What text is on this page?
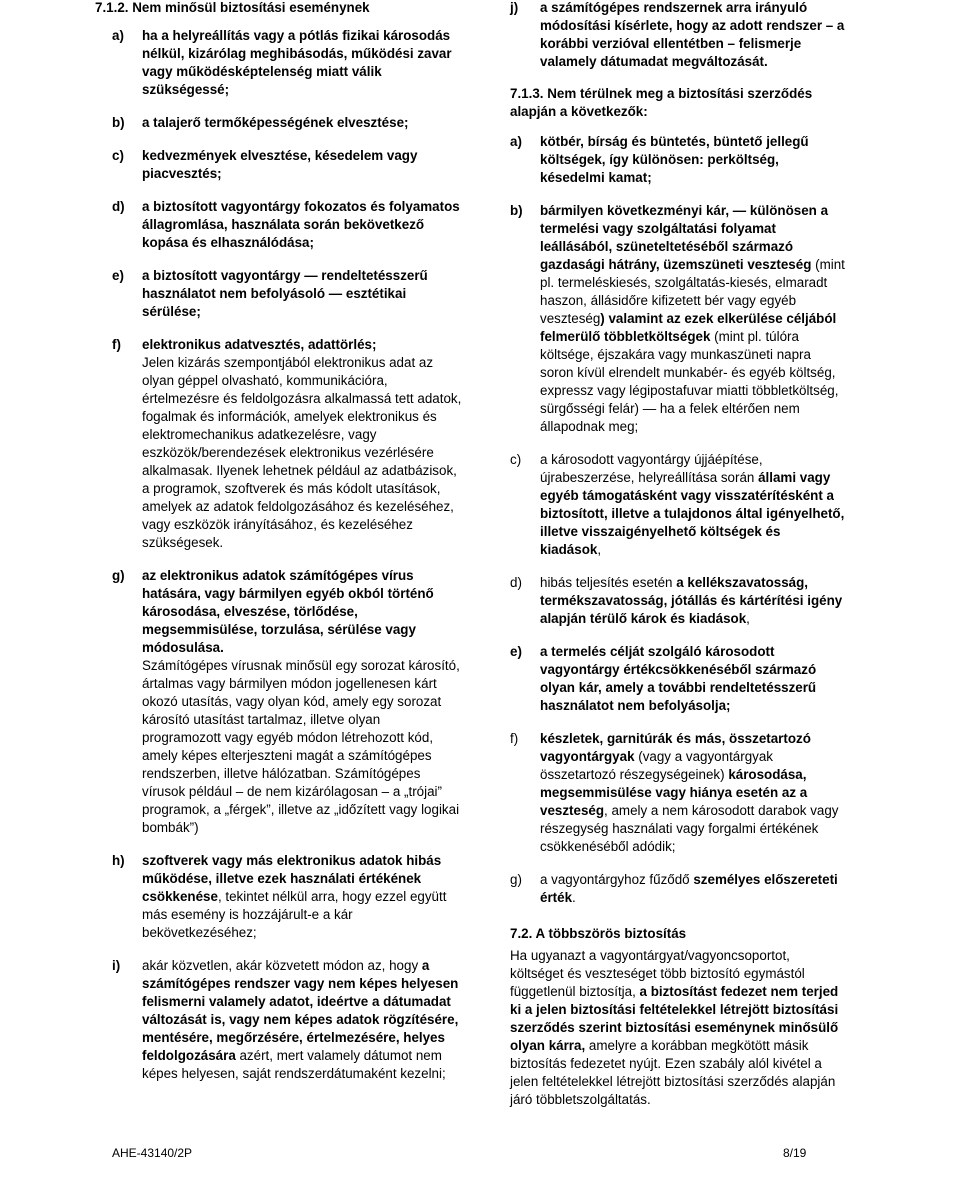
7.1.2. Nem minősül biztosítási eseménynek

a)	ha a helyreállítás vagy a pótlás fizikai károsodás nélkül, kizárólag meghibásodás, működési zavar vagy működésképtelenség miatt válik szükségessé;
b)	a talajerő termőképességének elvesztése;
c)	kedvezmények elvesztése, késedelem vagy piacvesztés;
d)	a biztosított vagyontárgy fokozatos és folyamatos állagromlása, használata során bekövetkező kopása és elhasználódása;
e)	a biztosított vagyontárgy — rendeltetésszerű használatot nem befolyásoló — esztétikai sérülése;
f)	elektronikus adatvesztés, adattörlés;
Jelen kizárás szempontjából elektronikus adat az olyan géppel olvasható, kommunikációra, értelmezésre és feldolgozásra alkalmassá tett adatok, fogalmak és információk, amelyek elektronikus és elektromechanikus adatkezelésre, vagy eszközök/berendezések elektronikus vezérlésére alkalmasak. Ilyenek lehetnek például az adatbázisok, a programok, szoftverek és más kódolt utasítások, amelyek az adatok feldolgozásához és kezeléséhez, vagy eszközök irányításához, és kezeléséhez szükségesek.
g)	az elektronikus adatok számítógépes vírus hatására, vagy bármilyen egyéb okból történő károsodása, elveszése, törlődése, megsemmisülése, torzulása, sérülése vagy módosulása.
Számítógépes vírusnak minősül egy sorozat károsító, ártalmas vagy bármilyen módon jogellenesen kárt okozó utasítás, vagy olyan kód, amely egy sorozat károsító utasítást tartalmaz, illetve olyan programozott vagy egyéb módon létrehozott kód, amely képes elterjeszteni magát a számítógépes rendszerben, illetve hálózatban. Számítógépes vírusok például – de nem kizárólagosan – a „trójai” programok, a „férgek”, illetve az „időzített vagy logikai bombák”)
h)	szoftverek vagy más elektronikus adatok hibás működése, illetve ezek használati értékének csökkenése, tekintet nélkül arra, hogy ezzel együtt más esemény is hozzájárult-e a kár bekövetkezéséhez;
i)	akár közvetlen, akár közvetett módon az, hogy a számítógépes rendszer vagy nem képes helyesen felismerni valamely adatot, ideértve a dátumadat változását is, vagy nem képes adatok rögzítésére, mentésére, megőrzésére, értelmezésére, helyes feldolgozására azért, mert valamely dátumot nem képes helyesen, saját rendszerdátumaként kezelni;
j)	a számítógépes rendszernek arra irányuló módosítási kísérlete, hogy az adott rendszer – a korábbi verzióval ellentétben – felismerje valamely dátumadat megváltozását.

7.1.3. Nem térülnek meg a biztosítási szerződés alapján a következők:

a)	kötbér, bírság és büntetés, büntető jellegű költségek, így különösen: perköltség, késedelmi kamat;
b)	bármilyen következményi kár, — különösen a termelési vagy szolgáltatási folyamat leállásából, szüneteltetéséből származó gazdasági hátrány, üzemszüneti veszteség (mint pl. termeléskiesés, szolgáltatás-kiesés, elmaradt haszon, állásidőre kifizetett bér vagy egyéb veszteség) valamint az ezek elkerülése céljából felmerülő többletköltségek (mint pl. túlóra költsége, éjszakára vagy munkaszüneti napra soron kívül elrendelt munkabér- és egyéb költség, expressz vagy légipostafuvar miatti többletköltség, sürgősségi felár) — ha a felek eltérően nem állapodnak meg;
c)	a károsodott vagyontárgy újjáépítése, újrabeszerzése, helyreállítása során állami vagy egyéb támogatásként vagy visszatérítésként a biztosított, illetve a tulajdonos által igényelhető, illetve visszaigényelhető költségek és kiadások,
d)	hibás teljesítés esetén a kellékszavatosság, termékszavatosság, jótállás és kártérítési igény alapján térülő károk és kiadások,
e)	a termelés célját szolgáló károsodott vagyontárgy értékcsökkenéséből származó olyan kár, amely a további rendeltetésszerű használatot nem befolyásolja;
f)	készletek, garnitúrák és más, összetartozó vagyontárgyak (vagy a vagyontárgyak összetartozó részegységeinek) károsodása, megsemmisülése vagy hiánya esetén az a veszteség, amely a nem károsodott darabok vagy részegység használati vagy forgalmi értékének csökkenéséből adódik;
g)	a vagyontárgyhoz fűződő személyes előszereteti érték.

7.2. A többszörös biztosítás

Ha ugyanazt a vagyontárgyat/vagyoncsoportot, költséget és veszteséget több biztosító egymástól függetlenül biztosítja, a biztosítást fedezet nem terjed ki a jelen biztosítási feltételekkel létrejött biztosítási szerződés szerint biztosítási eseménynek minősülő olyan kárra, amelyre a korábban megkötött másik biztosítás fedezetet nyújt. Ezen szabály alól kivétel a jelen feltételekkel létrejött biztosítási szerződés alapján járó többletszolgáltatás.

AHE-43140/2P	8/19
